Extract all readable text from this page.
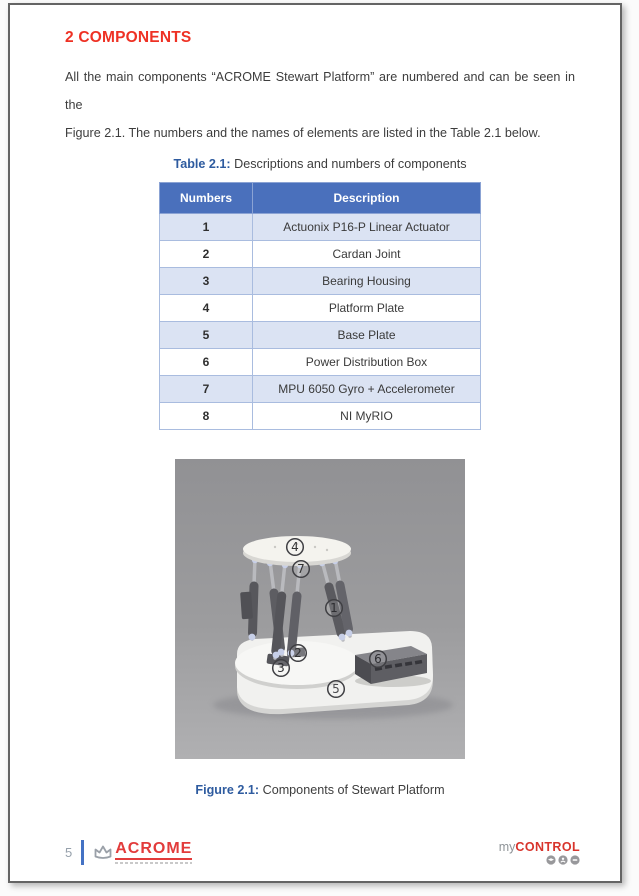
2 COMPONENTS

All the main components “ACROME Stewart Platform” are numbered and can be seen in the
Figure 2.1. The numbers and the names of elements are listed in the Table 2.1 below.

Table 2.1: Descriptions and numbers of components

Numbers	Description
1	Actuonix P16-P Linear Actuator
2	Cardan Joint
3	Bearing Housing
4	Platform Plate
5	Base Plate
6	Power Distribution Box
7	MPU 6050 Gyro + Accelerometer
8	NI MyRIO
4
7
1
2
3
6
5

Figure 2.1: Components of Stewart Platform

5	ACROME	myCONTROL
